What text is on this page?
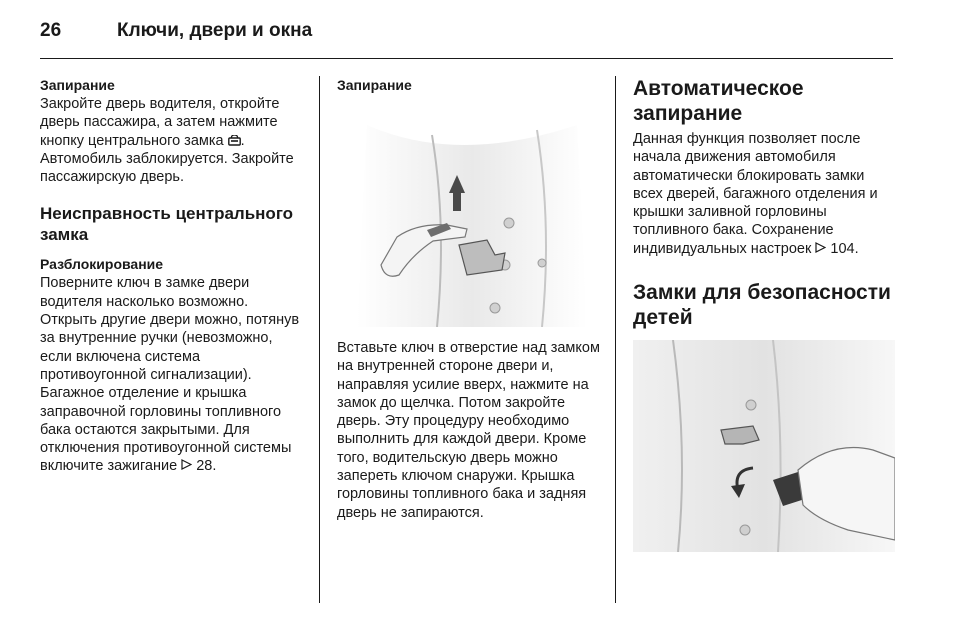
26	Ключи, двери и окна
Запирание

Закройте дверь водителя, откройте дверь пассажира, а затем нажмите кнопку центрального замка . Автомобиль заблокируется. Закройте пассажирскую дверь.

Неисправность центрального замка
Разблокирование

Поверните ключ в замке двери водителя насколько возможно. Открыть другие двери можно, потянув за внутренние ручки (невозможно, если включена система противоугонной сигнализации). Багажное отделение и крышка заправочной горловины топливного бака остаются закрытыми. Для отключения противоугонной системы включите зажигание 28.

Запирание

Вставьте ключ в отверстие над замком на внутренней стороне двери и, направляя усилие вверх, нажмите на замок до щелчка. Потом закройте дверь. Эту процедуру необходимо выполнить для каждой двери. Кроме того, водительскую дверь можно запереть ключом снаружи. Крышка горловины топливного бака и задняя дверь не запираются.

Автоматическое запирание

Данная функция позволяет после начала движения автомобиля автоматически блокировать замки всех дверей, багажного отделения и крышки заливной горловины топливного бака. Сохранение индивидуальных настроек 104.

Замки для безопасности детей
